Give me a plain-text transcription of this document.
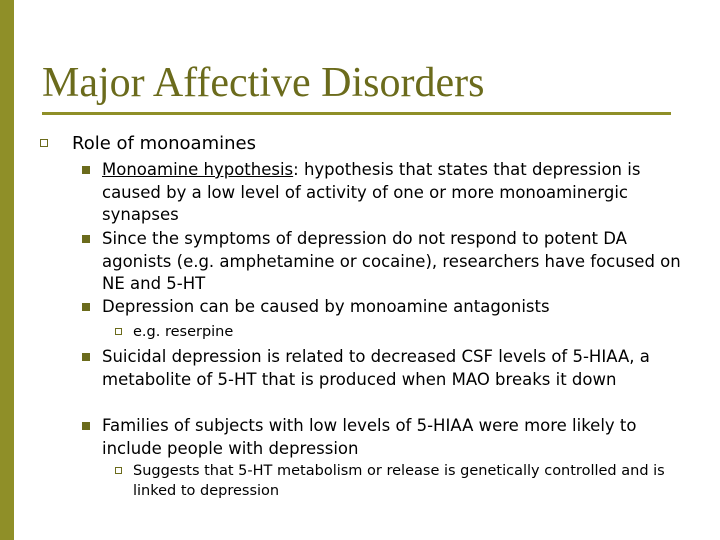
Major Affective Disorders
Role of monoamines
Monoamine hypothesis: hypothesis that states that depression is caused by a low level of activity of one or more monoaminergic synapses
Since the symptoms of depression do not respond to potent DA agonists (e.g. amphetamine or cocaine), researchers have focused on NE and 5-HT
Depression can be caused by monoamine antagonists
e.g. reserpine
Suicidal depression is related to decreased CSF levels of 5-HIAA, a metabolite of 5-HT that is produced when MAO breaks it down
Families of subjects with low levels of 5-HIAA were more likely to include people with depression
Suggests that 5-HT metabolism or release is genetically controlled and is linked to depression
